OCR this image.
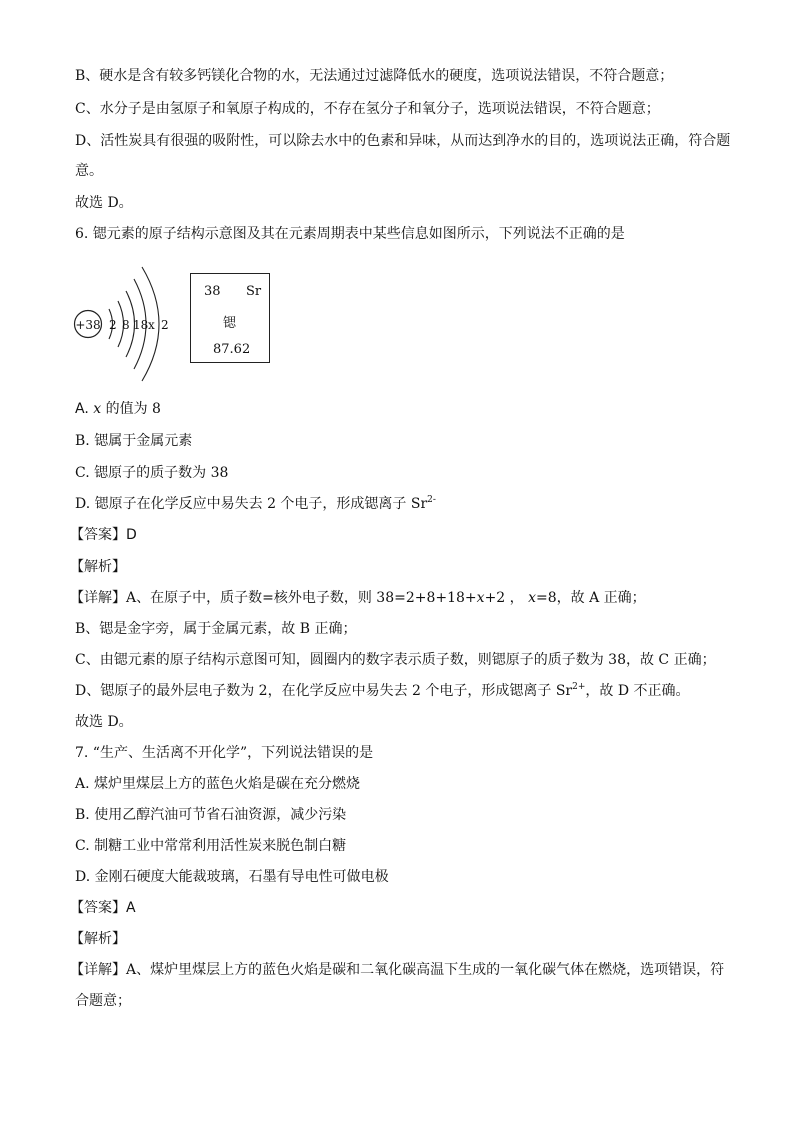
B、硬水是含有较多钙镁化合物的水，无法通过过滤降低水的硬度，选项说法错误，不符合题意；
C、水分子是由氢原子和氧原子构成的，不存在氢分子和氧分子，选项说法错误，不符合题意；
D、活性炭具有很强的吸附性，可以除去水中的色素和异味，从而达到净水的目的，选项说法正确，符合题
意。
故选 D。
6. 锶元素的原子结构示意图及其在元素周期表中某些信息如图所示，下列说法不正确的是
+38 2 8 18 x 2
38 Sr
锶
87.62
A. x 的值为 8
B. 锶属于金属元素
C. 锶原子的质子数为 38
D. 锶原子在化学反应中易失去 2 个电子，形成锶离子 $Sr^{2-}$
【答案】D
【解析】
【详解】A、在原子中，质子数=核外电子数，则 38=2+8+18+x+2 ， x=8，故 A 正确；
B、锶是金字旁，属于金属元素，故 B 正确；
C、由锶元素的原子结构示意图可知，圆圈内的数字表示质子数，则锶原子的质子数为 38，故 C 正确；
D、锶原子的最外层电子数为 2，在化学反应中易失去 2 个电子，形成锶离子 $Sr^{2+}$，故 D 不正确。
故选 D。
7. “生产、生活离不开化学”，下列说法错误的是
A. 煤炉里煤层上方的蓝色火焰是碳在充分燃烧
B. 使用乙醇汽油可节省石油资源，减少污染
C. 制糖工业中常常利用活性炭来脱色制白糖
D. 金刚石硬度大能裁玻璃，石墨有导电性可做电极
【答案】A
【解析】
【详解】A、煤炉里煤层上方的蓝色火焰是碳和二氧化碳高温下生成的一氧化碳气体在燃烧，选项错误，符
合题意；
